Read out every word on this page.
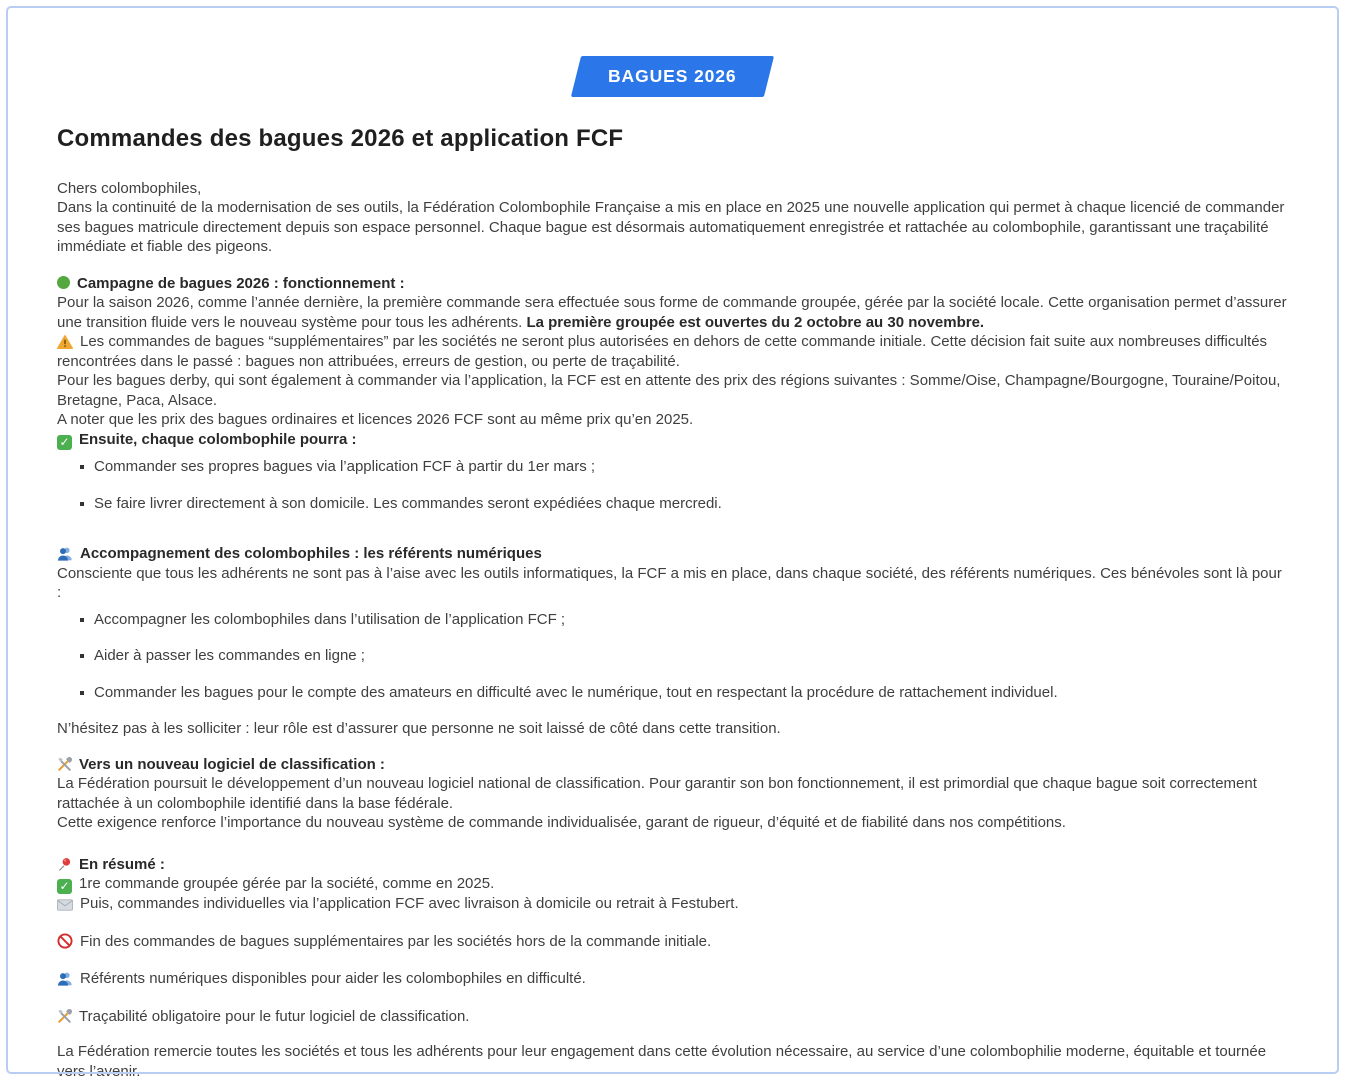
BAGUES 2026
Commandes des bagues 2026 et application FCF
Chers colombophiles,
Dans la continuité de la modernisation de ses outils, la Fédération Colombophile Française a mis en place en 2025 une nouvelle application qui permet à chaque licencié de commander ses bagues matricule directement depuis son espace personnel. Chaque bague est désormais automatiquement enregistrée et rattachée au colombophile, garantissant une traçabilité immédiate et fiable des pigeons.
Campagne de bagues 2026 : fonctionnement :
Pour la saison 2026, comme l’année dernière, la première commande sera effectuée sous forme de commande groupée, gérée par la société locale. Cette organisation permet d’assurer une transition fluide vers le nouveau système pour tous les adhérents. La première groupée est ouvertes du 2 octobre au 30 novembre.
Les commandes de bagues “supplémentaires” par les sociétés ne seront plus autorisées en dehors de cette commande initiale. Cette décision fait suite aux nombreuses difficultés rencontrées dans le passé : bagues non attribuées, erreurs de gestion, ou perte de traçabilité.
Pour les bagues derby, qui sont également à commander via l’application, la FCF est en attente des prix des régions suivantes : Somme/Oise, Champagne/Bourgogne, Touraine/Poitou, Bretagne, Paca, Alsace.
A noter que les prix des bagues ordinaires et licences 2026 FCF sont au même prix qu’en 2025.
✓ Ensuite, chaque colombophile pourra :
Commander ses propres bagues via l’application FCF à partir du 1er mars ;
Se faire livrer directement à son domicile. Les commandes seront expédiées chaque mercredi.
Accompagnement des colombophiles : les référents numériques
Consciente que tous les adhérents ne sont pas à l’aise avec les outils informatiques, la FCF a mis en place, dans chaque société, des référents numériques. Ces bénévoles sont là pour :
Accompagner les colombophiles dans l’utilisation de l’application FCF ;
Aider à passer les commandes en ligne ;
Commander les bagues pour le compte des amateurs en difficulté avec le numérique, tout en respectant la procédure de rattachement individuel.
N’hésitez pas à les solliciter : leur rôle est d’assurer que personne ne soit laissé de côté dans cette transition.
Vers un nouveau logiciel de classification :
La Fédération poursuit le développement d’un nouveau logiciel national de classification. Pour garantir son bon fonctionnement, il est primordial que chaque bague soit correctement rattachée à un colombophile identifié dans la base fédérale.
Cette exigence renforce l’importance du nouveau système de commande individualisée, garant de rigueur, d’équité et de fiabilité dans nos compétitions.
En résumé :
✓ 1re commande groupée gérée par la société, comme en 2025.
Puis, commandes individuelles via l’application FCF avec livraison à domicile ou retrait à Festubert.
Fin des commandes de bagues supplémentaires par les sociétés hors de la commande initiale.
Référents numériques disponibles pour aider les colombophiles en difficulté.
Traçabilité obligatoire pour le futur logiciel de classification.
La Fédération remercie toutes les sociétés et tous les adhérents pour leur engagement dans cette évolution nécessaire, au service d’une colombophilie moderne, équitable et tournée vers l’avenir.
